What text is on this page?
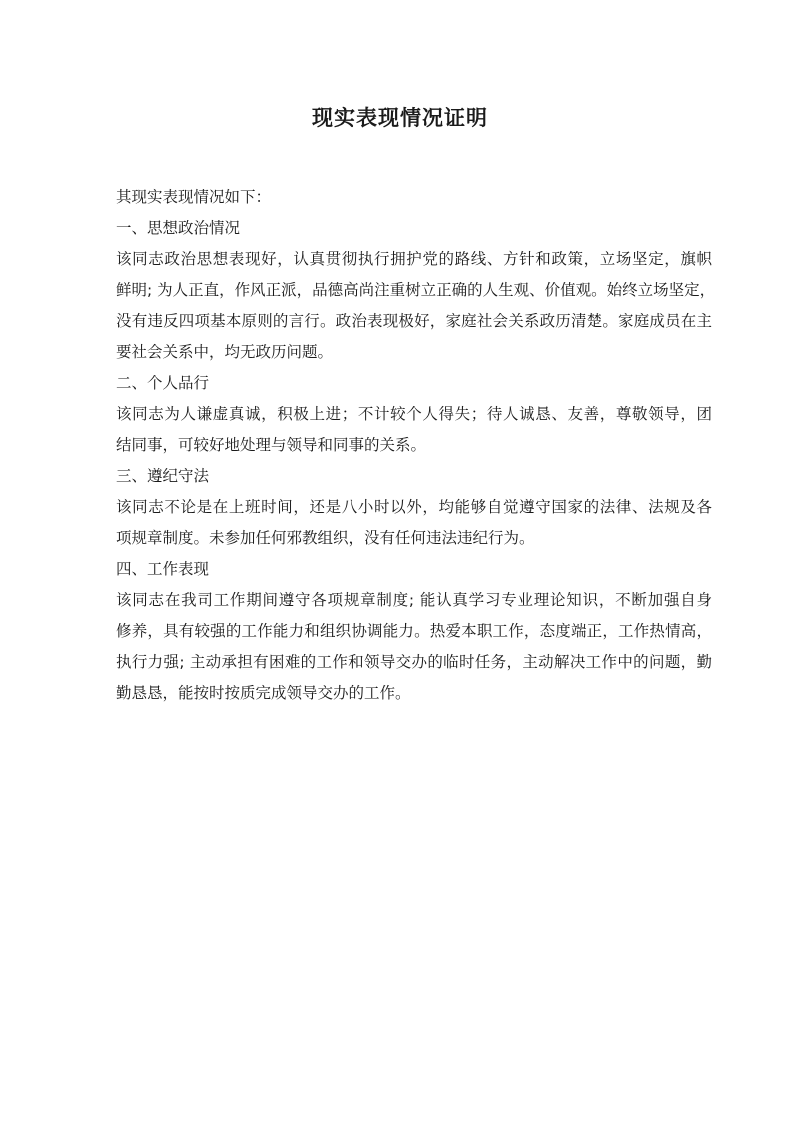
现实表现情况证明
其现实表现情况如下：
一、思想政治情况
该同志政治思想表现好，认真贯彻执行拥护党的路线、方针和政策，立场坚定，旗帜
鲜明; 为人正直，作风正派，品德高尚注重树立正确的人生观、价值观。始终立场坚定，
没有违反四项基本原则的言行。政治表现极好，家庭社会关系政历清楚。家庭成员在主
要社会关系中，均无政历问题。
二、个人品行
该同志为人谦虚真诚，积极上进；不计较个人得失；待人诚恳、友善，尊敬领导，团
结同事，可较好地处理与领导和同事的关系。
三、遵纪守法
该同志不论是在上班时间，还是八小时以外，均能够自觉遵守国家的法律、法规及各
项规章制度。未参加任何邪教组织，没有任何违法违纪行为。
四、工作表现
该同志在我司工作期间遵守各项规章制度; 能认真学习专业理论知识，不断加强自身
修养，具有较强的工作能力和组织协调能力。热爱本职工作，态度端正，工作热情高，
执行力强; 主动承担有困难的工作和领导交办的临时任务，主动解决工作中的问题，勤
勤恳恳，能按时按质完成领导交办的工作。
